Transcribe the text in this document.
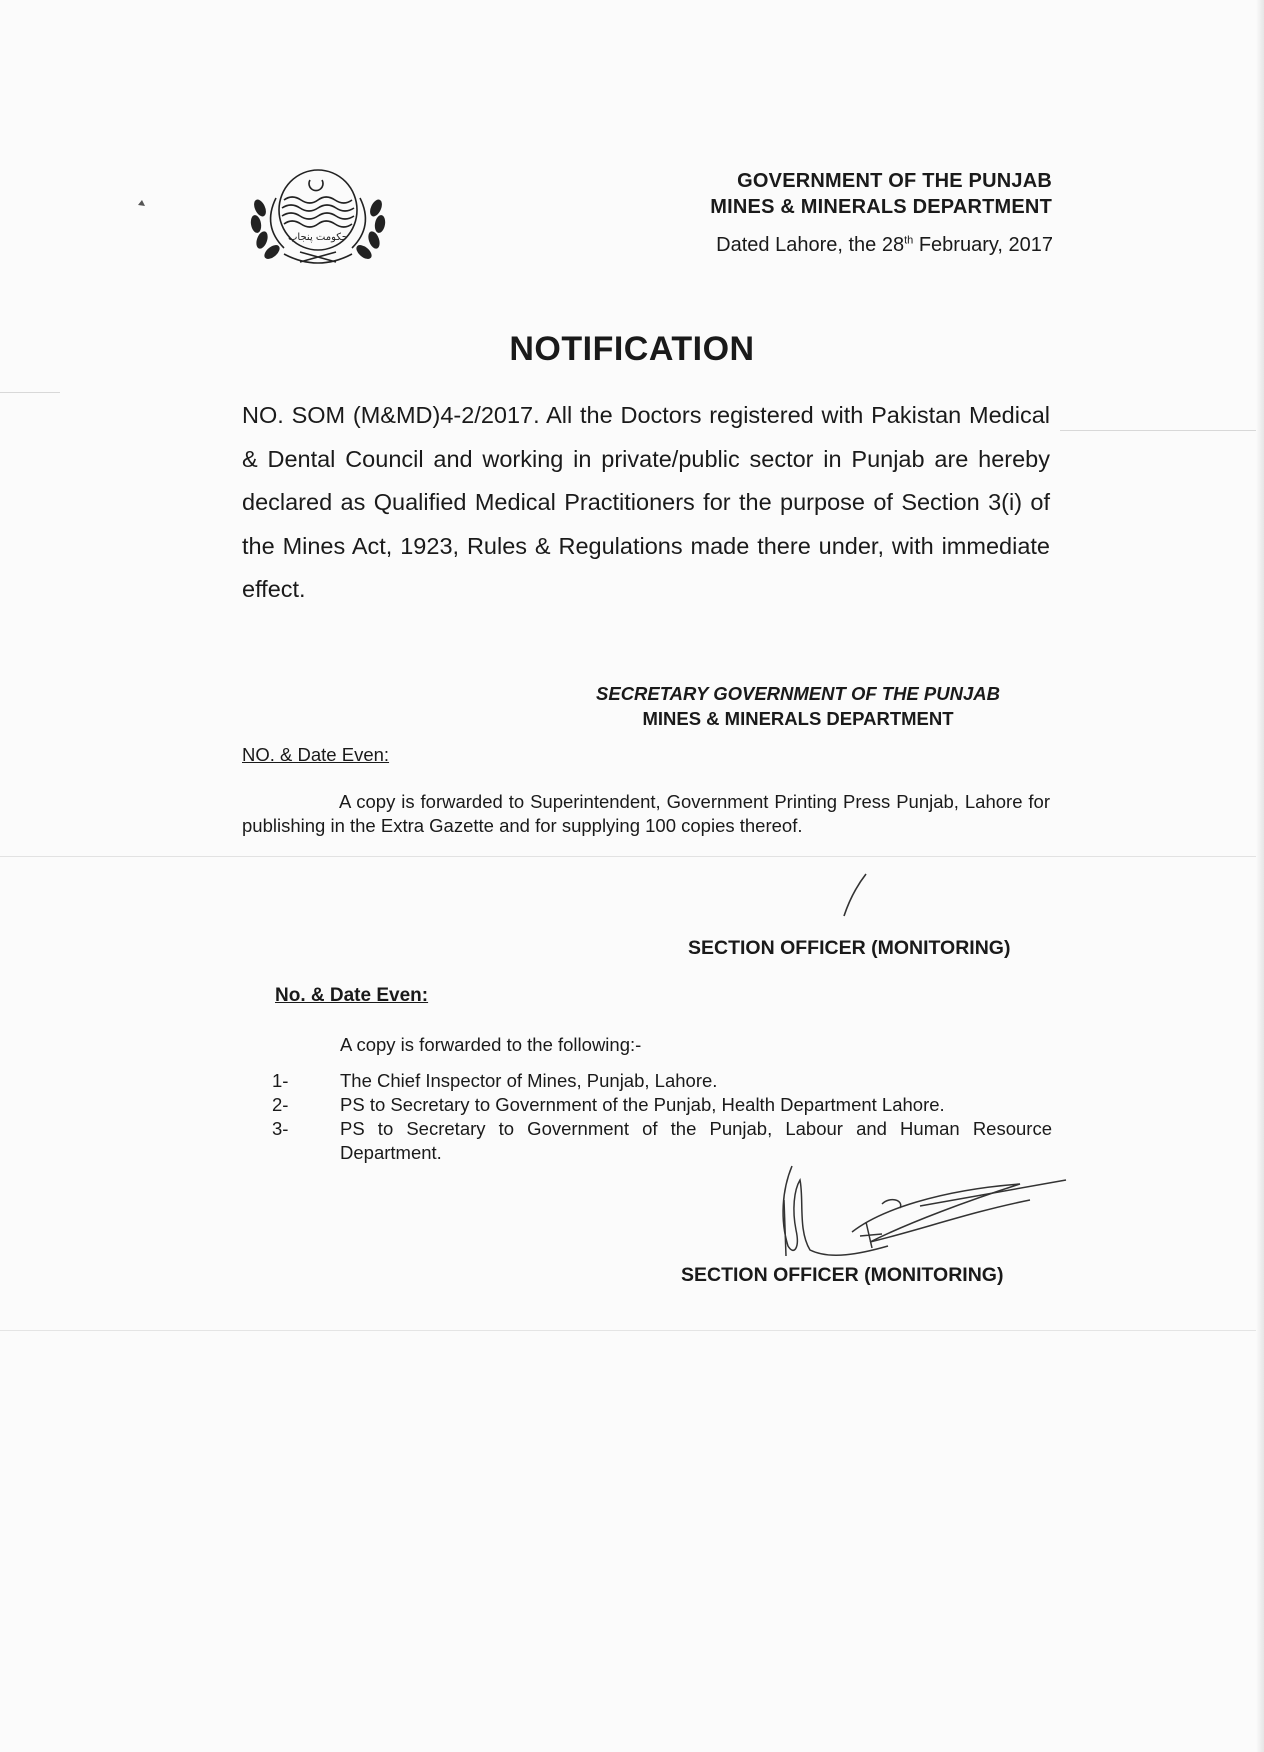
حکومت پنجاب
GOVERNMENT OF THE PUNJAB
MINES & MINERALS DEPARTMENT
Dated Lahore, the 28th February, 2017
NOTIFICATION
NO. SOM (M&MD)4-2/2017. All the Doctors registered with Pakistan Medical & Dental Council and working in private/public sector in Punjab are hereby declared as Qualified Medical Practitioners for the purpose of Section 3(i) of the Mines Act, 1923, Rules & Regulations made there under, with immediate effect.
SECRETARY GOVERNMENT OF THE PUNJAB
MINES & MINERALS DEPARTMENT
NO. & Date Even:
A copy is forwarded to Superintendent, Government Printing Press Punjab, Lahore for publishing in the Extra Gazette and for supplying 100 copies thereof.
SECTION OFFICER (MONITORING)
No. & Date Even:
A copy is forwarded to the following:-
1-	The Chief Inspector of Mines, Punjab, Lahore.
2-	PS to Secretary to Government of the Punjab, Health Department Lahore.
3-	PS to Secretary to Government of the Punjab, Labour and Human Resource Department.
SECTION OFFICER (MONITORING)
